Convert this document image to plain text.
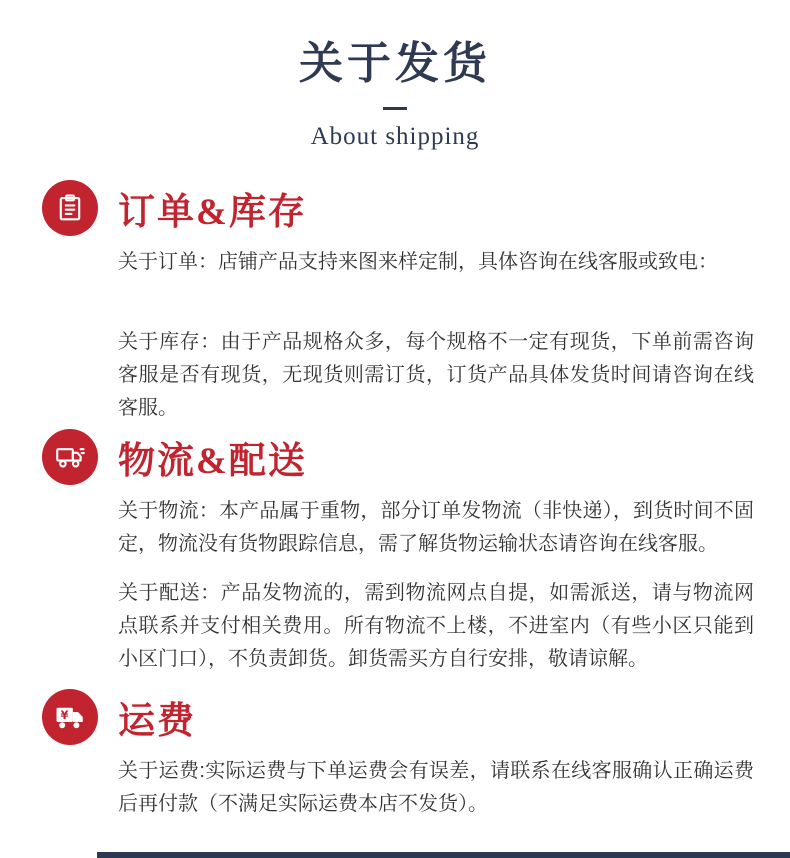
关于发货
About shipping
订单&库存

关于订单：店铺产品支持来图来样定制，具体咨询在线客服或致电：

关于库存：由于产品规格众多，每个规格不一定有现货，下单前需咨询客服是否有现货，无现货则需订货，订货产品具体发货时间请咨询在线客服。

物流&配送

关于物流：本产品属于重物，部分订单发物流（非快递），到货时间不固定，物流没有货物跟踪信息，需了解货物运输状态请咨询在线客服。

关于配送：产品发物流的，需到物流网点自提，如需派送，请与物流网点联系并支付相关费用。所有物流不上楼，不进室内（有些小区只能到小区门口），不负责卸货。卸货需买方自行安排，敬请谅解。

¥ 运费

关于运费:实际运费与下单运费会有误差，请联系在线客服确认正确运费后再付款（不满足实际运费本店不发货）。
